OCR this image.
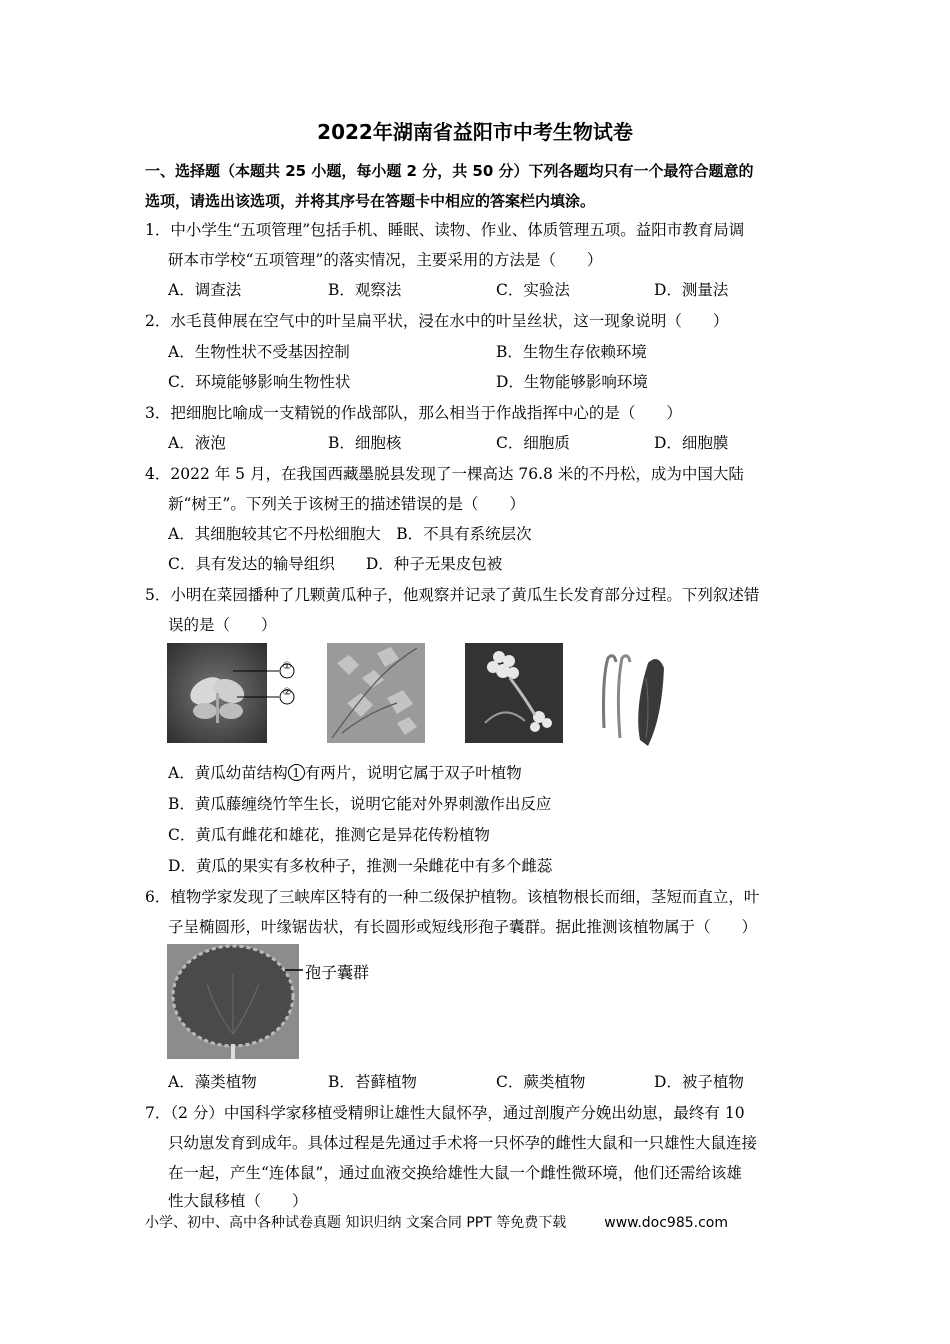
2022年湖南省益阳市中考生物试卷
一、选择题（本题共 25 小题，每小题 2 分，共 50 分）下列各题均只有一个最符合题意的
选项，请选出该选项，并将其序号在答题卡中相应的答案栏内填涂。
1．中小学生“五项管理”包括手机、睡眠、读物、作业、体质管理五项。益阳市教育局调
研本市学校“五项管理”的落实情况，主要采用的方法是（　　）
A．调查法	B．观察法	C．实验法	D．测量法
2．水毛茛伸展在空气中的叶呈扁平状，浸在水中的叶呈丝状，这一现象说明（　　）
A．生物性状不受基因控制	B．生物生存依赖环境
C．环境能够影响生物性状	D．生物能够影响环境
3．把细胞比喻成一支精锐的作战部队，那么相当于作战指挥中心的是（　　）
A．液泡	B．细胞核	C．细胞质	D．细胞膜
4．2022 年 5 月，在我国西藏墨脱县发现了一棵高达 76.8 米的不丹松，成为中国大陆
新“树王”。下列关于该树王的描述错误的是（　　）
A．其细胞较其它不丹松细胞大　B．不具有系统层次
C．具有发达的输导组织　　D．种子无果皮包被
5．小明在菜园播种了几颗黄瓜种子，他观察并记录了黄瓜生长发育部分过程。下列叙述错
误的是（　　）
①
②
A．黄瓜幼苗结构 1 有两片，说明它属于双子叶植物
B．黄瓜藤缠绕竹竿生长，说明它能对外界刺激作出反应
C．黄瓜有雌花和雄花，推测它是异花传粉植物
D．黄瓜的果实有多枚种子，推测一朵雌花中有多个雌蕊
6．植物学家发现了三峡库区特有的一种二级保护植物。该植物根长而细，茎短而直立，叶
子呈椭圆形，叶缘锯齿状，有长圆形或短线形孢子囊群。据此推测该植物属于（　　）
孢子囊群
A．藻类植物	B．苔藓植物	C．蕨类植物	D．被子植物
7．（2 分）中国科学家移植受精卵让雄性大鼠怀孕，通过剖腹产分娩出幼崽，最终有 10
只幼崽发育到成年。具体过程是先通过手术将一只怀孕的雌性大鼠和一只雄性大鼠连接
在一起，产生“连体鼠”，通过血液交换给雄性大鼠一个雌性微环境，他们还需给该雄
性大鼠移植（　　）
小学、初中、高中各种试卷真题 知识归纳 文案合同 PPT 等免费下载	www.doc985.com
